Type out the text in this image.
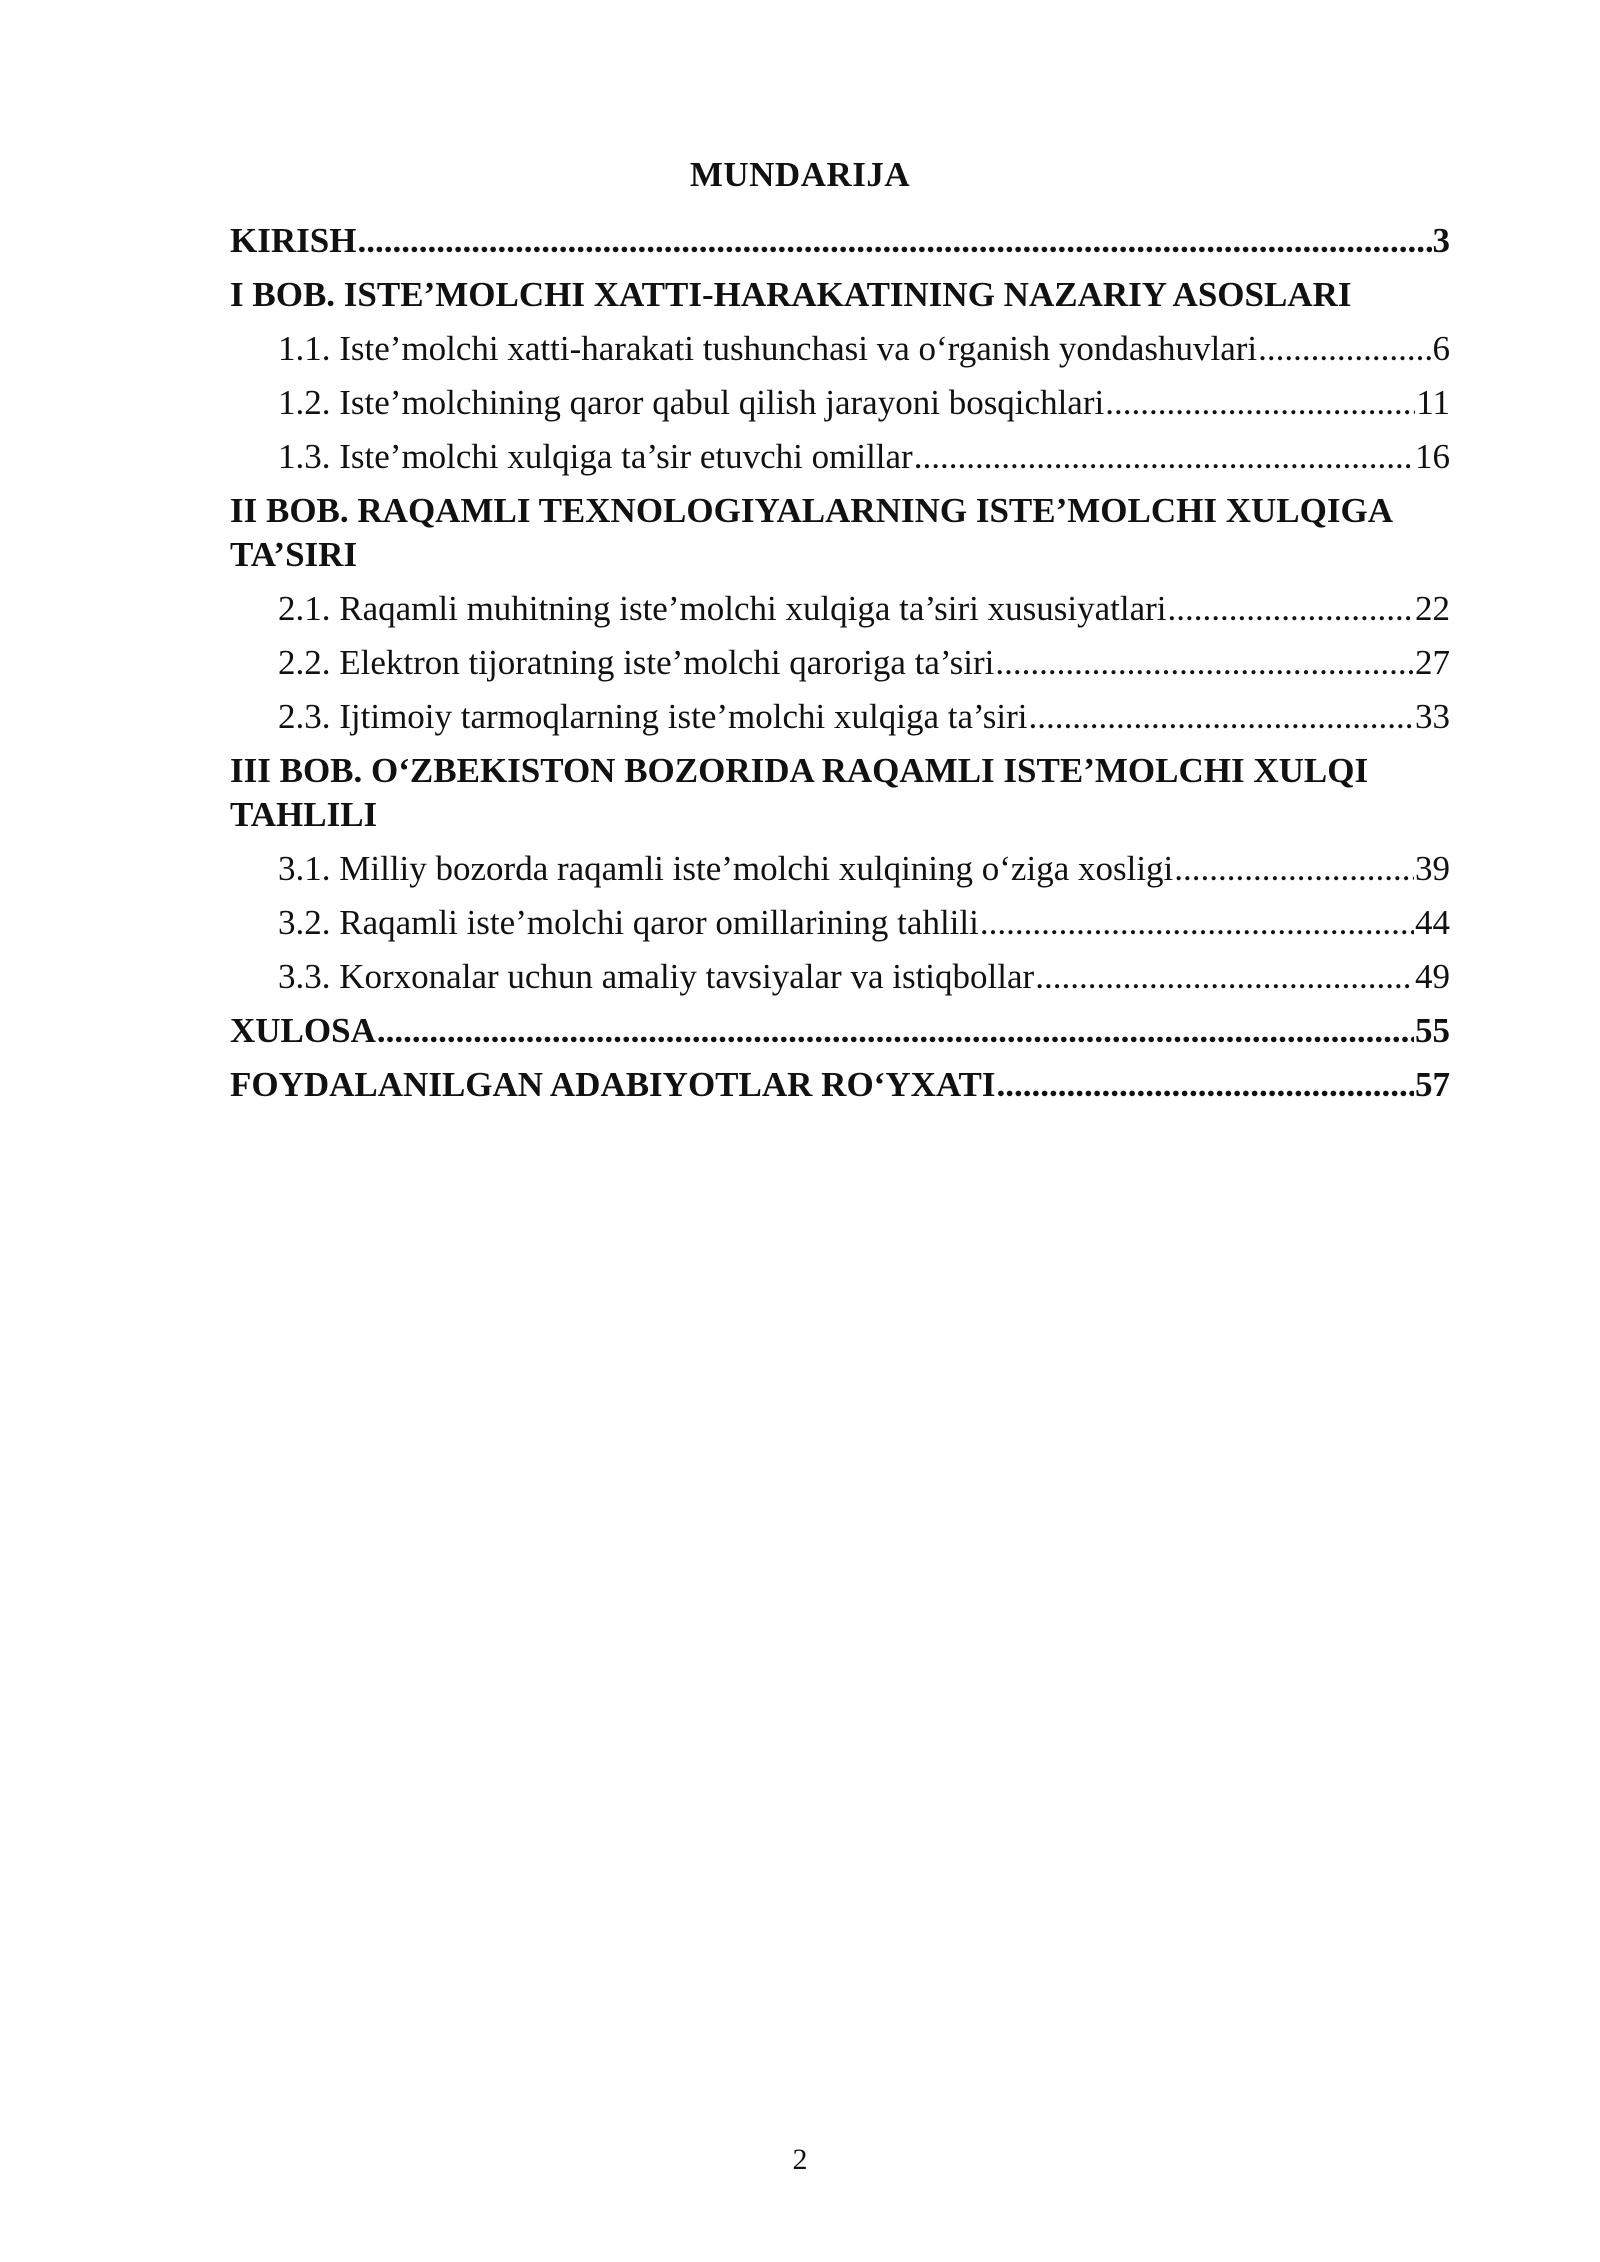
MUNDARIJA
KIRISH .....	3
I BOB. ISTE’MOLCHI XATTI-HARAKATINING NAZARIY ASOSLARI
1.1. Iste’molchi xatti-harakati tushunchasi va o‘rganish yondashuvlari .....	6
1.2. Iste’molchining qaror qabul qilish jarayoni bosqichlari .....	11
1.3. Iste’molchi xulqiga ta’sir etuvchi omillar .....	16
II BOB. RAQAMLI TEXNOLOGIYALARNING ISTE’MOLCHI XULQIGA
TA’SIRI
2.1. Raqamli muhitning iste’molchi xulqiga ta’siri xususiyatlari .....	22
2.2. Elektron tijoratning iste’molchi qaroriga ta’siri .....	27
2.3. Ijtimoiy tarmoqlarning iste’molchi xulqiga ta’siri .....	33
III BOB. O‘ZBEKISTON BOZORIDA RAQAMLI ISTE’MOLCHI XULQI
TAHLILI
3.1. Milliy bozorda raqamli iste’molchi xulqining o‘ziga xosligi .....	39
3.2. Raqamli iste’molchi qaror omillarining tahlili .....	44
3.3. Korxonalar uchun amaliy tavsiyalar va istiqbollar .....	49
XULOSA .....	55
FOYDALANILGAN ADABIYOTLAR RO‘YXATI .....	57
2
